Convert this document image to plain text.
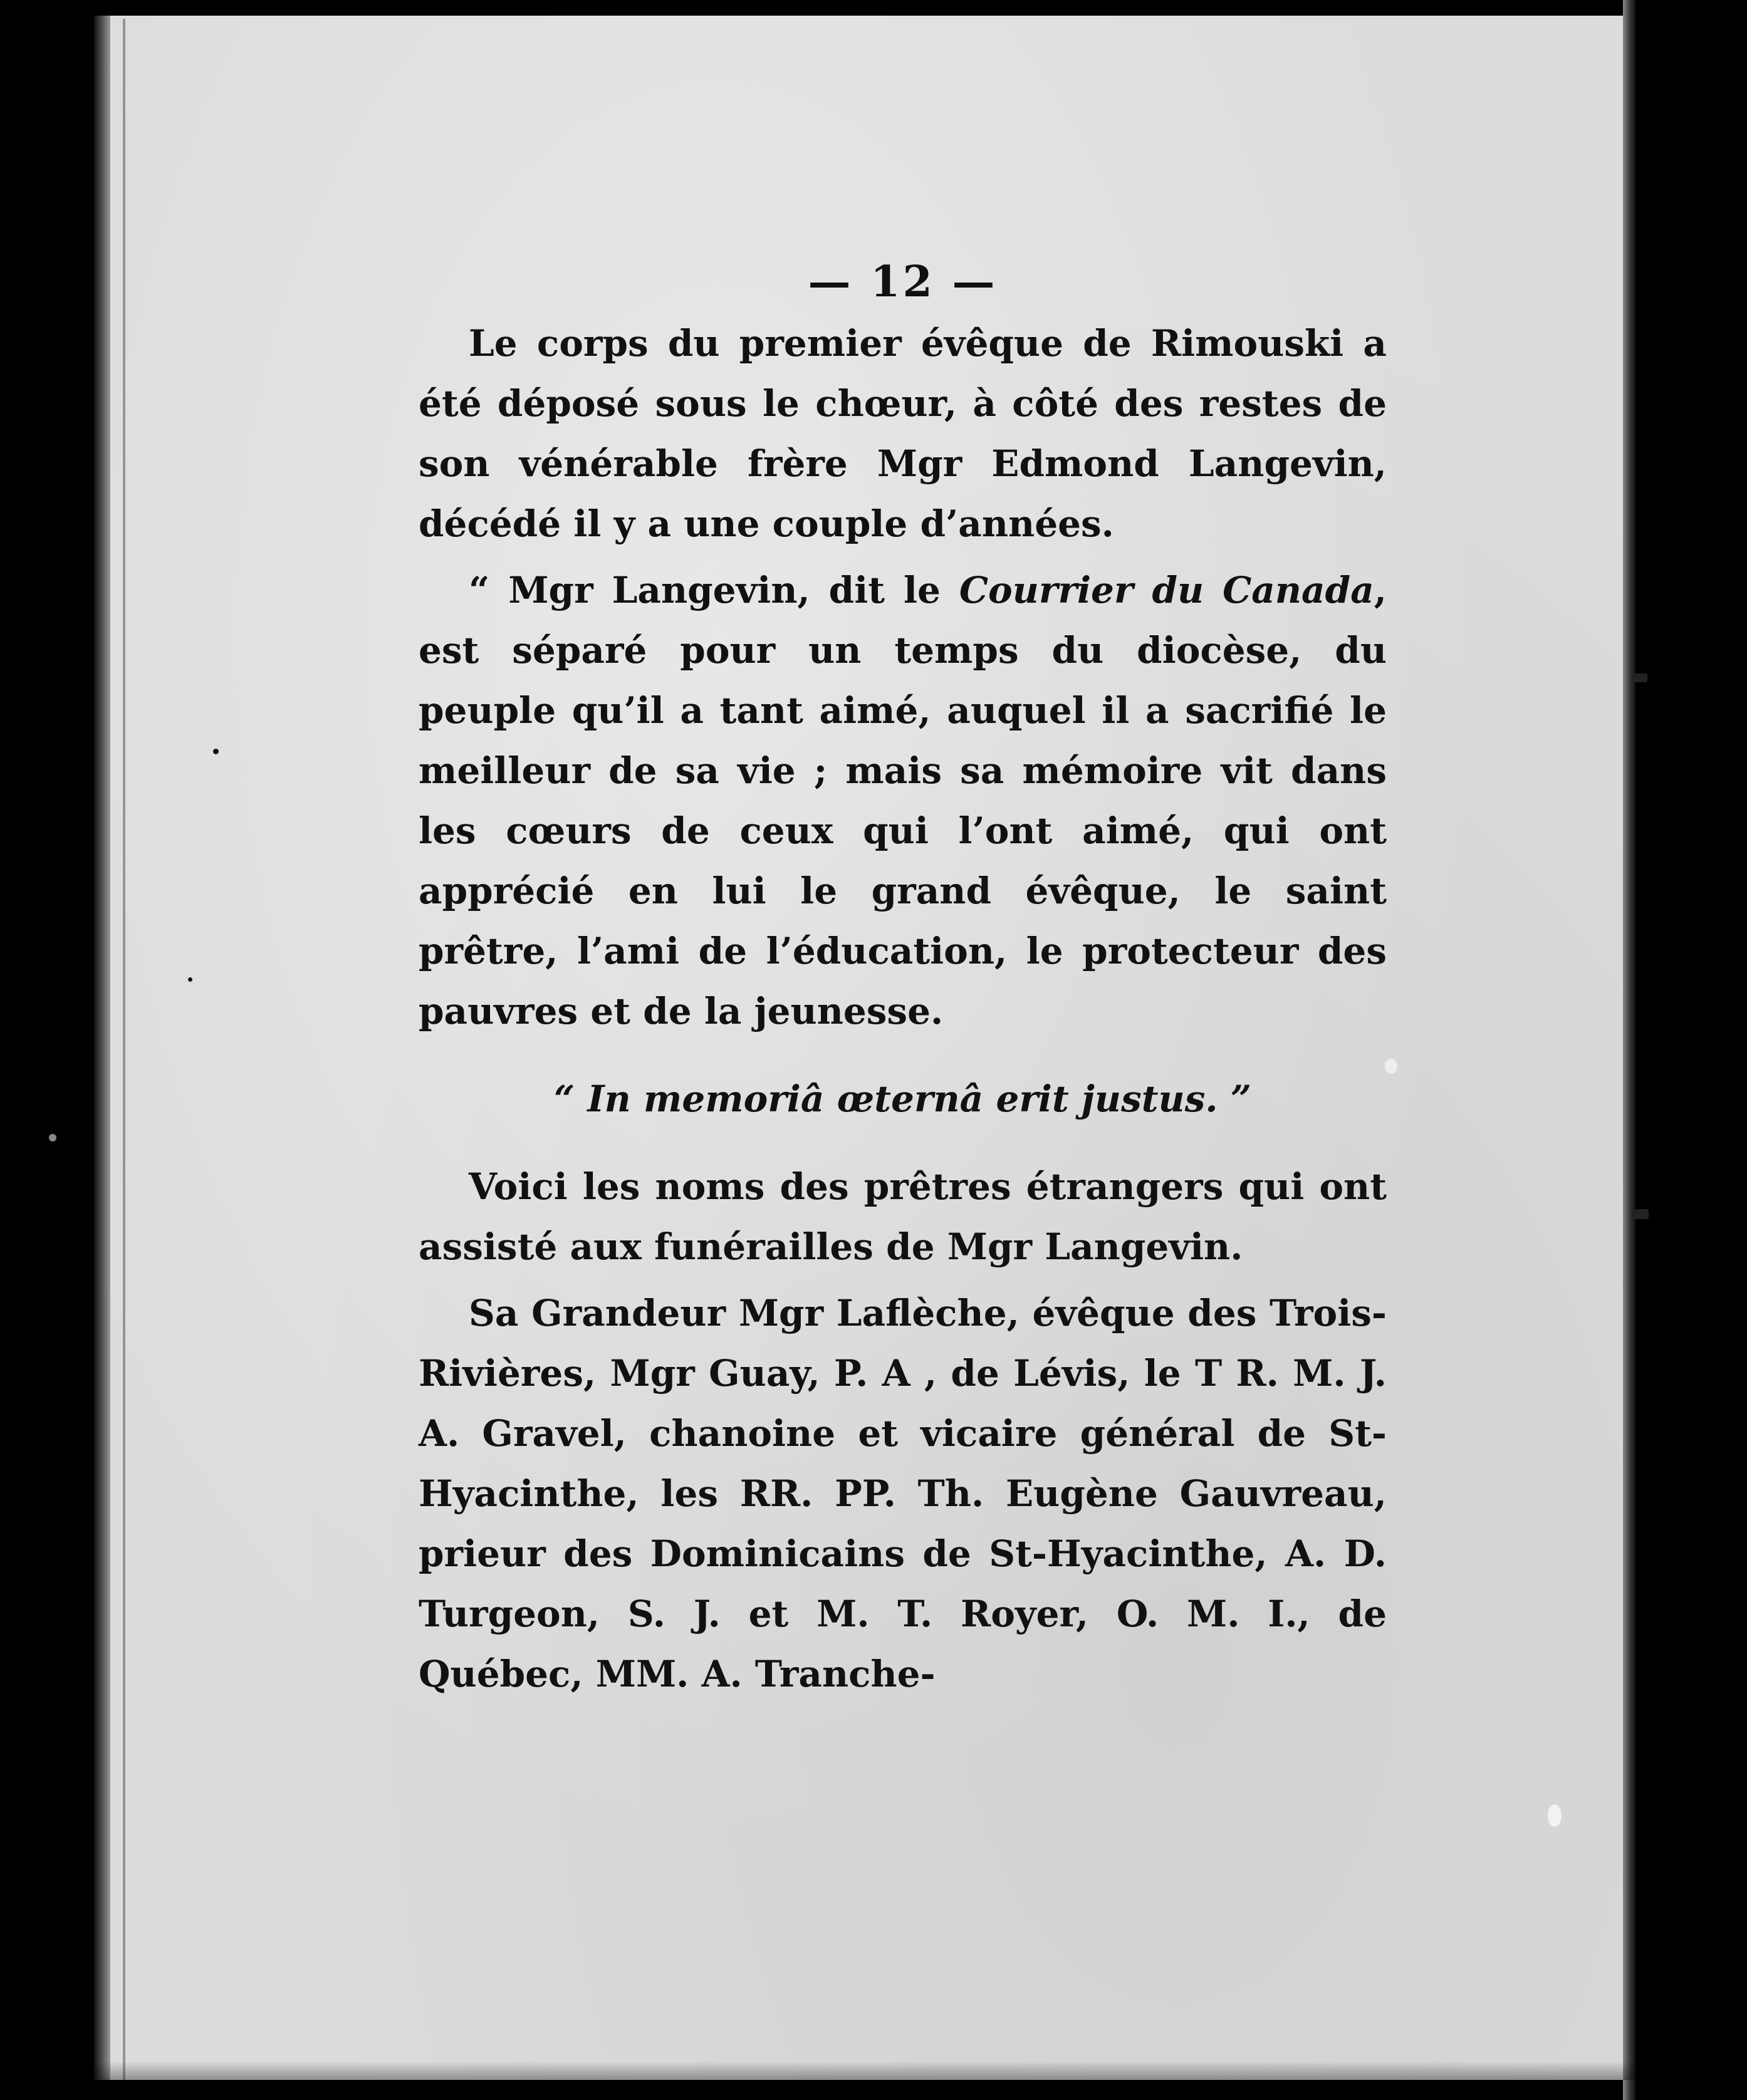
— 12 —

Le corps du premier évêque de Rimouski a été déposé sous le chœur, à côté des restes de son vénérable frère Mgr Edmond Langevin, décédé il y a une couple d’années.

“ Mgr Langevin, dit le Courrier du Canada, est séparé pour un temps du diocèse, du peuple qu’il a tant aimé, auquel il a sacrifié le meilleur de sa vie ; mais sa mémoire vit dans les cœurs de ceux qui l’ont aimé, qui ont apprécié en lui le grand évêque, le saint prêtre, l’ami de l’éducation, le protecteur des pauvres et de la jeunesse.

“ In memoriâ œternâ erit justus. ”

Voici les noms des prêtres étrangers qui ont assisté aux funérailles de Mgr Langevin.

Sa Grandeur Mgr Laflèche, évêque des Trois-Rivières, Mgr Guay, P. A , de Lévis, le T R. M. J. A. Gravel, chanoine et vicaire général de St-Hyacinthe, les RR. PP. Th. Eugène Gauvreau, prieur des Dominicains de St-Hyacinthe, A. D. Turgeon, S. J. et M. T. Royer, O. M. I., de Québec, MM. A. Tranche-
